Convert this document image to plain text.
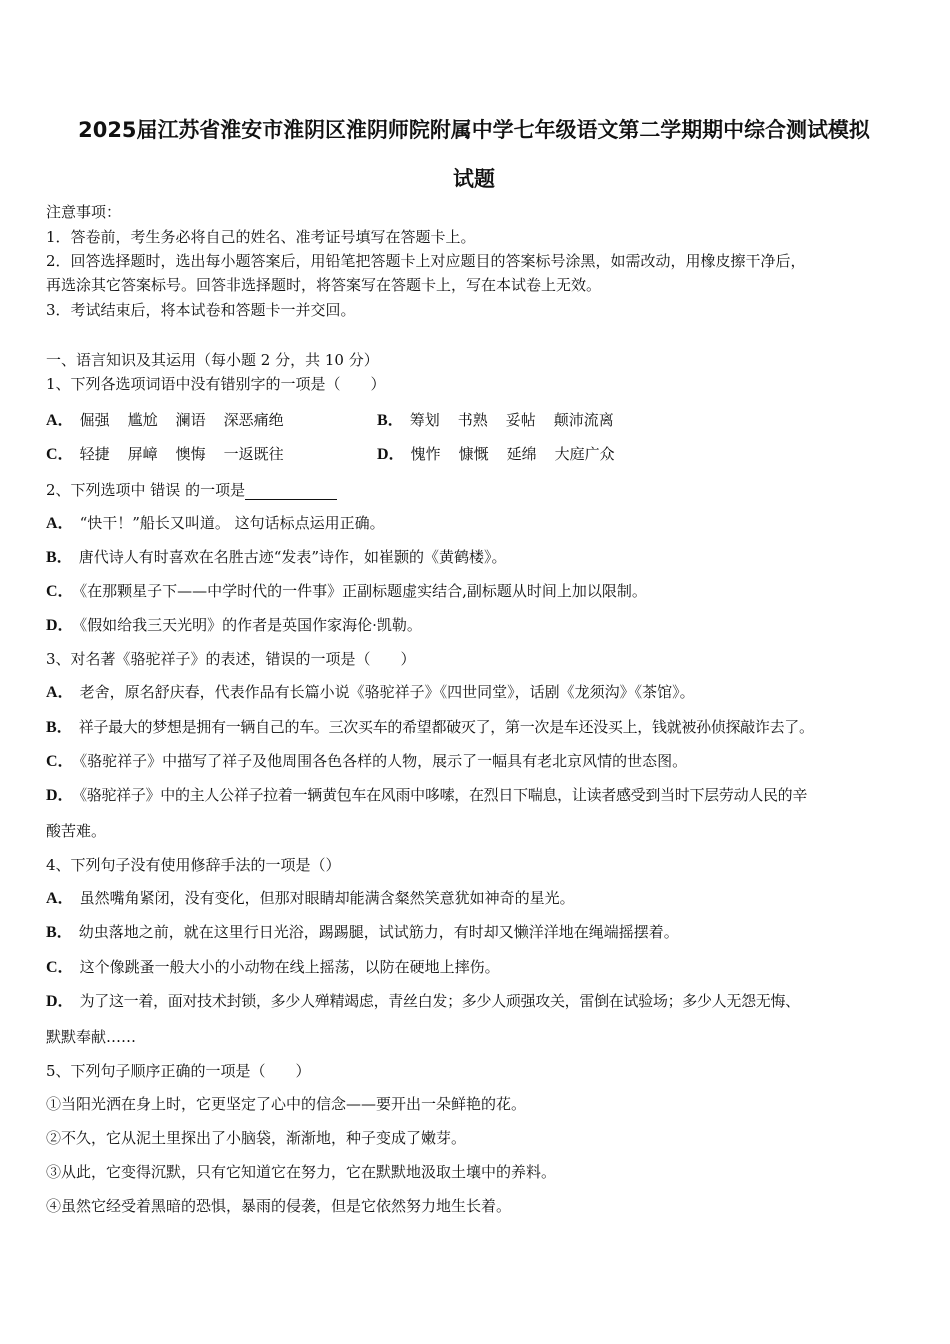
2025届江苏省淮安市淮阴区淮阴师院附属中学七年级语文第二学期期中综合测试模拟
试题
注意事项：
1．答卷前，考生务必将自己的姓名、准考证号填写在答题卡上。
2．回答选择题时，选出每小题答案后，用铅笔把答题卡上对应题目的答案标号涂黑，如需改动，用橡皮擦干净后，
再选涂其它答案标号。回答非选择题时，将答案写在答题卡上，写在本试卷上无效。
3．考试结束后，将本试卷和答题卡一并交回。
一、语言知识及其运用（每小题 2 分，共 10 分）
1、下列各选项词语中没有错别字的一项是（　　）
A． 倔强 尴尬 澜语 深恶痛绝	B． 筹划 书熟 妥帖 颠沛流离
C． 轻捷 屏嶂 懊悔 一返既往	D． 愧怍 慷慨 延绵 大庭广众
2、下列选项中 错误 的一项是
A． “快干！”船长又叫道。 这句话标点运用正确。
B． 唐代诗人有时喜欢在名胜古迹“发表”诗作，如崔颢的《黄鹤楼》。
C． 《在那颗星子下——中学时代的一件事》正副标题虚实结合,副标题从时间上加以限制。
D． 《假如给我三天光明》的作者是英国作家海伦·凯勒。
3、对名著《骆驼祥子》的表述，错误的一项是（　　）
A． 老舍，原名舒庆春，代表作品有长篇小说《骆驼祥子》《四世同堂》，话剧《龙须沟》《茶馆》。
B． 祥子最大的梦想是拥有一辆自己的车。三次买车的希望都破灭了，第一次是车还没买上，钱就被孙侦探敲诈去了。
C． 《骆驼祥子》中描写了祥子及他周围各色各样的人物，展示了一幅具有老北京风情的世态图。
D． 《骆驼祥子》中的主人公祥子拉着一辆黄包车在风雨中哆嗦，在烈日下喘息，让读者感受到当时下层劳动人民的辛
酸苦难。
4、下列句子没有使用修辞手法的一项是（）
A． 虽然嘴角紧闭，没有变化，但那对眼睛却能满含粲然笑意犹如神奇的星光。
B． 幼虫落地之前，就在这里行日光浴，踢踢腿，试试筋力，有时却又懒洋洋地在绳端摇摆着。
C． 这个像跳蚤一般大小的小动物在线上摇荡，以防在硬地上摔伤。
D． 为了这一着，面对技术封锁，多少人殚精竭虑，青丝白发；多少人顽强攻关，雷倒在试验场；多少人无怨无悔、
默默奉献……
5、下列句子顺序正确的一项是（　　）
①当阳光洒在身上时，它更坚定了心中的信念——要开出一朵鲜艳的花。
②不久，它从泥土里探出了小脑袋，渐渐地，种子变成了嫩芽。
③从此，它变得沉默，只有它知道它在努力，它在默默地汲取土壤中的养料。
④虽然它经受着黑暗的恐惧，暴雨的侵袭，但是它依然努力地生长着。
